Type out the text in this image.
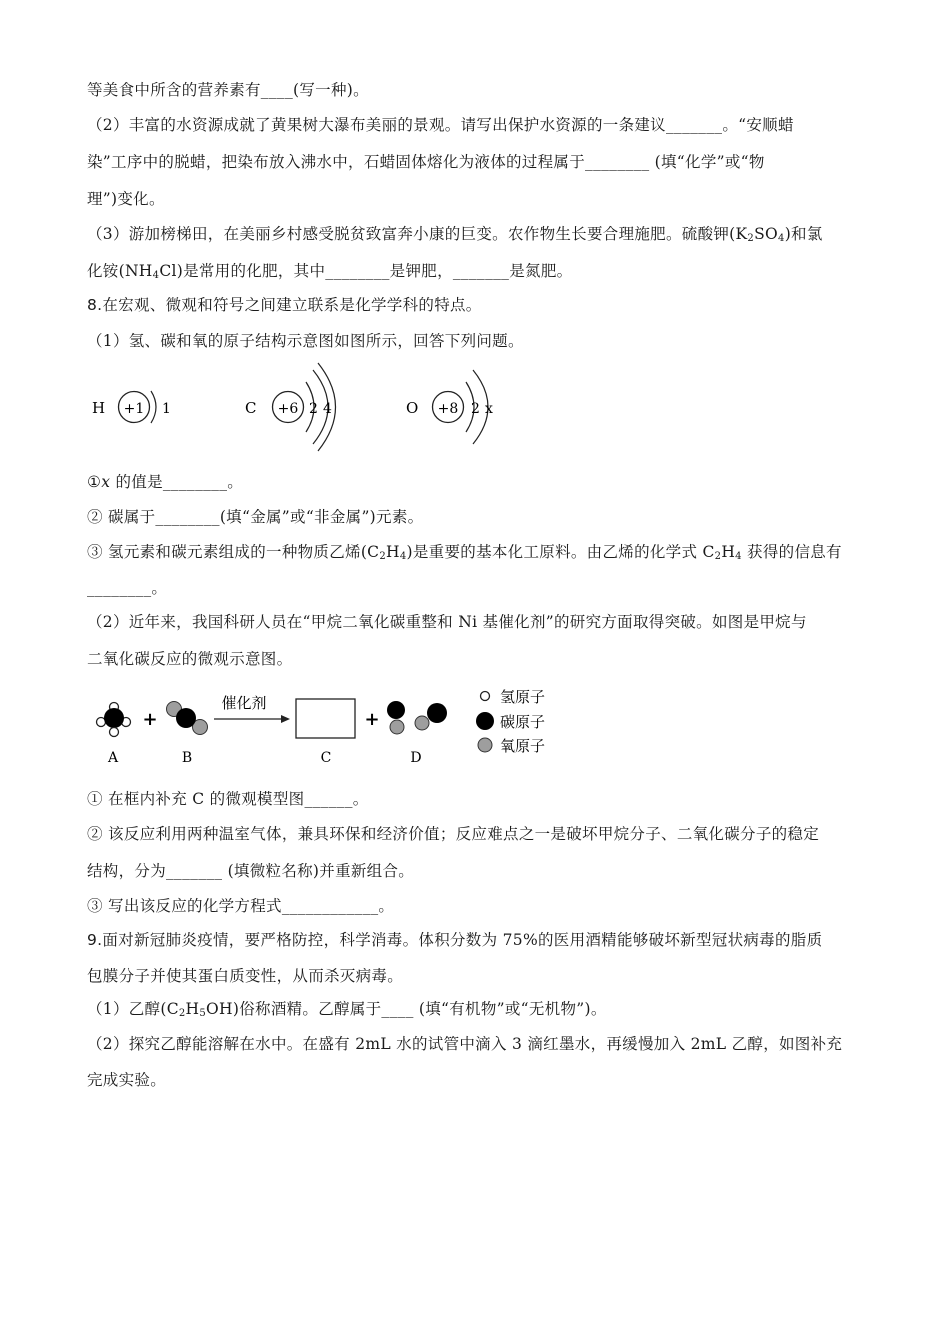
等美食中所含的营养素有____(写一种)。
（2）丰富的水资源成就了黄果树大瀑布美丽的景观。请写出保护水资源的一条建议_______。“安顺蜡
染”工序中的脱蜡，把染布放入沸水中，石蜡固体熔化为液体的过程属于________ (填“化学”或“物
理”)变化。
（3）游加榜梯田，在美丽乡村感受脱贫致富奔小康的巨变。农作物生长要合理施肥。硫酸钾$(K_2SO_4)$和氯
化铵$(NH_4Cl)$是常用的化肥，其中________是钾肥，_______是氮肥。
8.在宏观、微观和符号之间建立联系是化学学科的特点。
（1）氢、碳和氧的原子结构示意图如图所示，回答下列问题。
H +1 1	C +6 2 4	O +8 2 x
①x 的值是________。
② 碳属于________(填“金属”或“非金属”)元素。
③ 氢元素和碳元素组成的一种物质乙烯$(C_2H_4)$是重要的基本化工原料。由乙烯的化学式 $C_2H_4$ 获得的信息有
________。
（2）近年来，我国科研人员在“甲烷二氧化碳重整和 Ni 基催化剂”的研究方面取得突破。如图是甲烷与
二氧化碳反应的微观示意图。
+
催化剂
+
氢原子
碳原子
氧原子
A	B	C	D
① 在框内补充 C 的微观模型图______。
② 该反应利用两种温室气体，兼具环保和经济价值；反应难点之一是破坏甲烷分子、二氧化碳分子的稳定
结构，分为_______ (填微粒名称)并重新组合。
③ 写出该反应的化学方程式____________。
9.面对新冠肺炎疫情，要严格防控，科学消毒。体积分数为 75%的医用酒精能够破坏新型冠状病毒的脂质
包膜分子并使其蛋白质变性，从而杀灭病毒。
（1）乙醇$(C_2H_5OH)$俗称酒精。乙醇属于____ (填“有机物”或“无机物”)。
（2）探究乙醇能溶解在水中。在盛有 2mL 水的试管中滴入 3 滴红墨水，再缓慢加入 2mL 乙醇，如图补充
完成实验。
